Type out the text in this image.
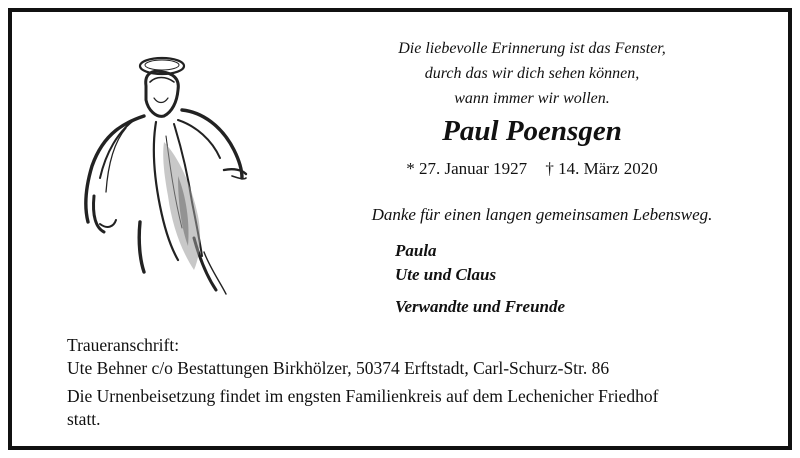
Die liebevolle Erinnerung ist das Fenster,
durch das wir dich sehen können,
wann immer wir wollen.
Paul Poensgen
* 27. Januar 1927 † 14. März 2020
Danke für einen langen gemeinsamen Lebensweg.
Paula
Ute und Claus
Verwandte und Freunde
Traueranschrift:
Ute Behner c/o Bestattungen Birkhölzer, 50374 Erftstadt, Carl-Schurz-Str. 86
Die Urnenbeisetzung findet im engsten Familienkreis auf dem Lechenicher Friedhof
statt.
